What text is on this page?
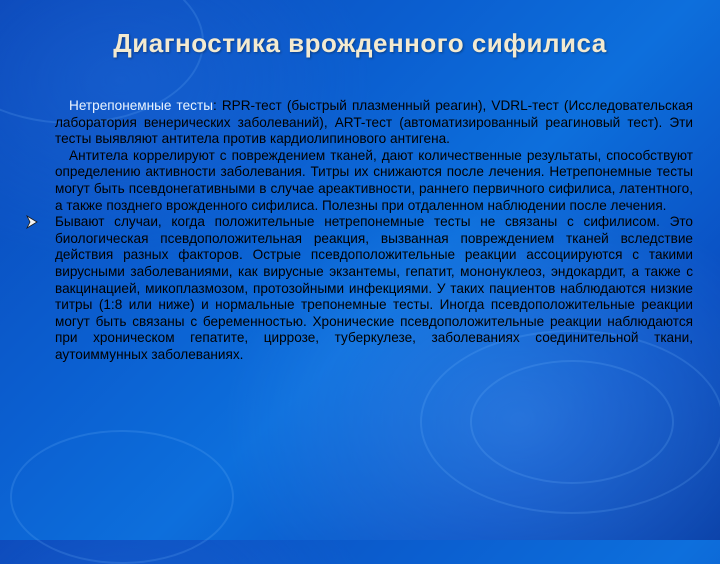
Диагностика врожденного сифилиса

Нетрепонемные тесты: RPR-тест (быстрый плазменный реагин), VDRL-тест (Исследовательская лаборатория венерических заболеваний), ART-тест (автоматизированный реагиновый тест). Эти тесты выявляют антитела против кардиолипинового антигена.

Антитела коррелируют с повреждением тканей, дают количественные результаты, способствуют определению активности заболевания. Титры их снижаются после лечения. Нетрепонемные тесты могут быть псевдонегативными в случае ареактивности, раннего первичного сифилиса, латентного, а также позднего врожденного сифилиса. Полезны при отдаленном наблюдении после лечения.

Бывают случаи, когда положительные нетрепонемные тесты не связаны с сифилисом. Это биологическая псевдоположительная реакция, вызванная повреждением тканей вследствие действия разных факторов. Острые псевдоположительные реакции ассоциируются с такими вирусными заболеваниями, как вирусные экзантемы, гепатит, мононуклеоз, эндокардит, а также с вакцинацией, микоплазмозом, протозойными инфекциями. У таких пациентов наблюдаются низкие титры (1:8 или ниже) и нормальные трепонемные тесты. Иногда псевдоположительные реакции могут быть связаны с беременностью. Хронические псевдоположительные реакции наблюдаются при хроническом гепатите, циррозе, туберкулезе, заболеваниях соединительной ткани, аутоиммунных заболеваниях.
